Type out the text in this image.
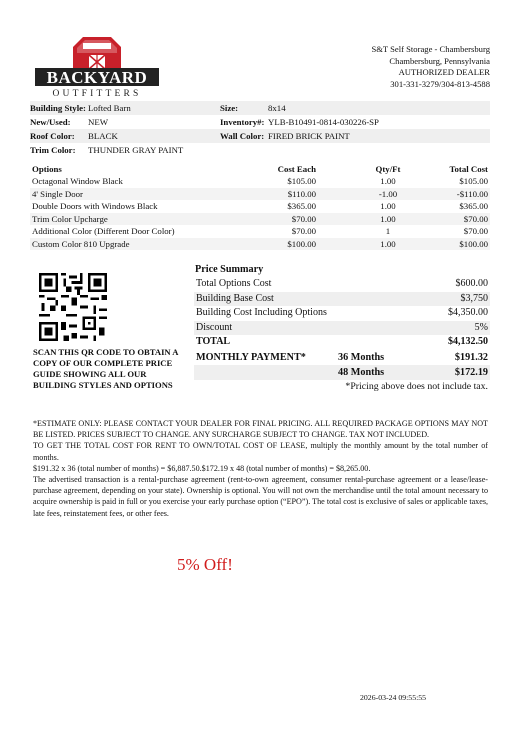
BACKYARD
OUTFITTERS
S&T Self Storage - Chambersburg
Chambersburg, Pennsylvania
AUTHORIZED DEALER
301-331-3279/304-813-4588
Building Style: Lofted Barn	Size:	8x14
New/Used:	NEW	Inventory#: YLB-B10491-0814-030226-SP
Roof Color:	BLACK	Wall Color: FIRED BRICK PAINT
Trim Color:	THUNDER GRAY PAINT
Options	Cost Each	Qty/Ft	Total Cost
Octagonal Window Black	$105.00	1.00	$105.00
4' Single Door	$110.00	-1.00	-$110.00
Double Doors with Windows Black	$365.00	1.00	$365.00
Trim Color Upcharge	$70.00	1.00	$70.00
Additional Color (Different Door Color)	$70.00	1	$70.00
Custom Color 810 Upgrade	$100.00	1.00	$100.00
SCAN THIS QR CODE TO OBTAIN A COPY OF OUR COMPLETE PRICE GUIDE SHOWING ALL OUR BUILDING STYLES AND OPTIONS
Price Summary
Total Options Cost	$600.00
Building Base Cost	$3,750
Building Cost Including Options	$4,350.00
Discount	5%
TOTAL	$4,132.50
MONTHLY PAYMENT*	36 Months	$191.32
48 Months	$172.19
*Pricing above does not include tax.

*ESTIMATE ONLY: PLEASE CONTACT YOUR DEALER FOR FINAL PRICING. ALL REQUIRED PACKAGE OPTIONS MAY NOT BE LISTED. PRICES SUBJECT TO CHANGE. ANY SURCHARGE SUBJECT TO CHANGE. TAX NOT INCLUDED.

TO GET THE TOTAL COST FOR RENT TO OWN/TOTAL COST OF LEASE, multiply the monthly amount by the total number of months.

$191.32 x 36 (total number of months) = $6,887.50.$172.19 x 48 (total number of months) = $8,265.00.

The advertised transaction is a rental-purchase agreement (rent-to-own agreement, consumer rental-purchase agreement or a lease/lease-purchase agreement, depending on your state). Ownership is optional. You will not own the merchandise until the total amount necessary to acquire ownership is paid in full or you exercise your early purchase option (“EPO”). The total cost is exclusive of sales or applicable taxes, late fees, reinstatement fees, or other fees.

5% Off!
2026-03-24 09:55:55
